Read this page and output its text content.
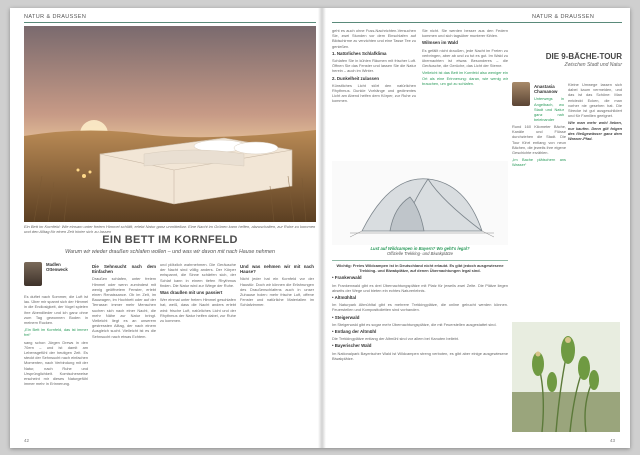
NATUR & DRAUSSEN
Ein Bett im Kornfeld: Wie einsam unter freiem Himmel schläft, erlebt Natur ganz unmittelbar. Eine Nacht im Grünen kann helfen, abzuschalten, zur Ruhe zu kommen und den Alltag für einen Zeit hinter sich zu lassen
EIN BETT IM KORNFELD
Warum wir wieder draußen schlafen wollen – und was wir davon mit nach Hause nehmen
Madlen Ottenweck

Es duftet nach Sommer, die Luft ist lau. Über mir spannt sich der Himmel in die Endlosigkeit, der Vogel spielen ihre Abendlieder und ich ganz ohne zum Tag gewonnen Boden in meinem Rucken.

„Ein Bett im Kornfeld, das ist immer frei“

sang schon Jürgen Drews in den 70ern – und ist damit am Lebensgefühl der heutigen Zeit. Es steckt der Sehnsucht nach einfachen Momenten, nach Verbindung mit der Natur, nach Ruhe und Ursprünglichkeit. Komischerweise erscheint mir dieses Naturgefühl immer mehr in Erinnerung.

Die Sehnsucht nach dem Einfachen

Draußen schlafen, unter freiem Himmel oder wenn zumindest mit wenig geöffnetem Fenster, erlebt einen Renaissance. Ob im Zelt, im Bauwagen, im Hochbett oder auf der Terrasse: immer mehr Menschen suchen sich nach einer Nacht, die mehr Nähe zur Natur bringt. Vielleicht liegt es an unserem gestressten Alltag, der nach einem Ausgleich sucht. Vielleicht ist es die Sehnsucht nach etwas Echtem.

und plötzlich wahrnehmen. Die Geräusche der Nacht sind völlig anders. Der Körper entspannt, die Sinne schärfen sich, der Schlaf kann in einem tiefen Rhythmus finden. Die Natur wird zur Wiege der Ruhe.

Was draußen mit uns passiert

Wer einmal unter freiem Himmel geschlafen hat, weiß, dass die Nacht anders erlebt wird: frische Luft, natürliches Licht und der Rhythmus der Natur helfen dabei, zur Ruhe zu kommen.

Und was nehmen wir mit nach Hause?

Nicht jeder hat ein Kornfeld vor der Haustür. Doch wir können die Erfahrungen des Draußenschlafens auch in unser Zuhause holen: mehr frische Luft, offene Fenster und natürliche Materialien im Schlafzimmer.

42
NATUR & DRAUSSEN

geht es auch ohne Fuss-Nachrichten-Versuchen Sie, zwei Stunden vor dem Einschlafen auf Bildschirme zu verzichten und eine Tasse Tee zu genießen.

1. Natürliches Schlafklima

Schlafen Sie in kühlen Räumen mit frischer Luft. Öffnen Sie das Fenster und lassen Sie die Natur herein – auch im Winter.

2. Dunkelheit zulassen

Künstliches Licht stört den natürlichen Rhythmus. Dunkle Vorhänge und gedimmtes Licht am Abend helfen dem Körper, zur Ruhe zu kommen.

Sie nicht. Sie werden besser aus den Federn kommen und sich tagsüber munterer fühlen.

Wilmsen im Wald

Es gefällt nicht draußen, jede Nacht im Freien zu verbringen, aber ab und zu tut es gut. Im Wald zu übernachten ist etwas Besonderes – die Geräusche, die Gerüche, das Licht der Sterne.

Vielleicht ist das Bett im Kornfeld also weniger ein Ort als eine Erinnerung: daran, wie wenig wir brauchen, um gut zu schlafen.

Lust auf Wildcampen in Bayern? Wo geht's legal?
Offizielle Trekking- und Biwakplätze

Wichtig: Freies Wildcampen ist in Deutschland nicht erlaubt. Es gibt jedoch ausgewiesene Trekking- und Biwakplätze, auf denen Übernachtungen legal sind.

• Frankenwald

Im Frankenwald gibt es drei Übernachtungsplätze mit Platz für jeweils zwei Zelte. Die Plätze liegen abseits der Wege und bieten ein echtes Naturerlebnis.

• Altmühltal

Im Naturpark Altmühltal gibt es mehrere Trekkingplätze, die online gebucht werden können. Feuerstellen und Komposttoiletten sind vorhanden.

• Steigerwald

Im Steigerwald gibt es sogar mehr Übernachtungsplätze, die mit Feuerstellen ausgestattet sind.

• Entlang der Altmühl

Die Trekkingplätze entlang der Altmühl sind vor allem bei Kanuten beliebt.

• Bayerischer Wald

Im Nationalpark Bayerischer Wald ist Wildcampen streng verboten, es gibt aber einige ausgewiesene Biwakplätze.

DIE 9-BÄCHE-TOUR
Zwischen Stadt und Natur
Anastasia Chamanow

Unterwegs in Angelbach, wo Stadt und Natur ganz nah beieinander

Rund 160 Kilometer Bäche, Kanäle und Flüsse durchziehen die Stadt. Die Tour führt entlang von neun Bächen, die jeweils ihre eigene Geschichte erzählen.

„Im Bache plätschern ans Wasser“

Kleine Umwege lassen sich dabei kaum vermeiden, und das ist das Schöne: Man entdeckt Ecken, die man vorher nie gesehen hat. Die Strecke ist gut ausgeschildert und für Familien geeignet.

Wie man mehr wohl lieben, nur kaufen. Denn gilt folgen des fließgewässer ganz dem Wasser-Pfad.

43
